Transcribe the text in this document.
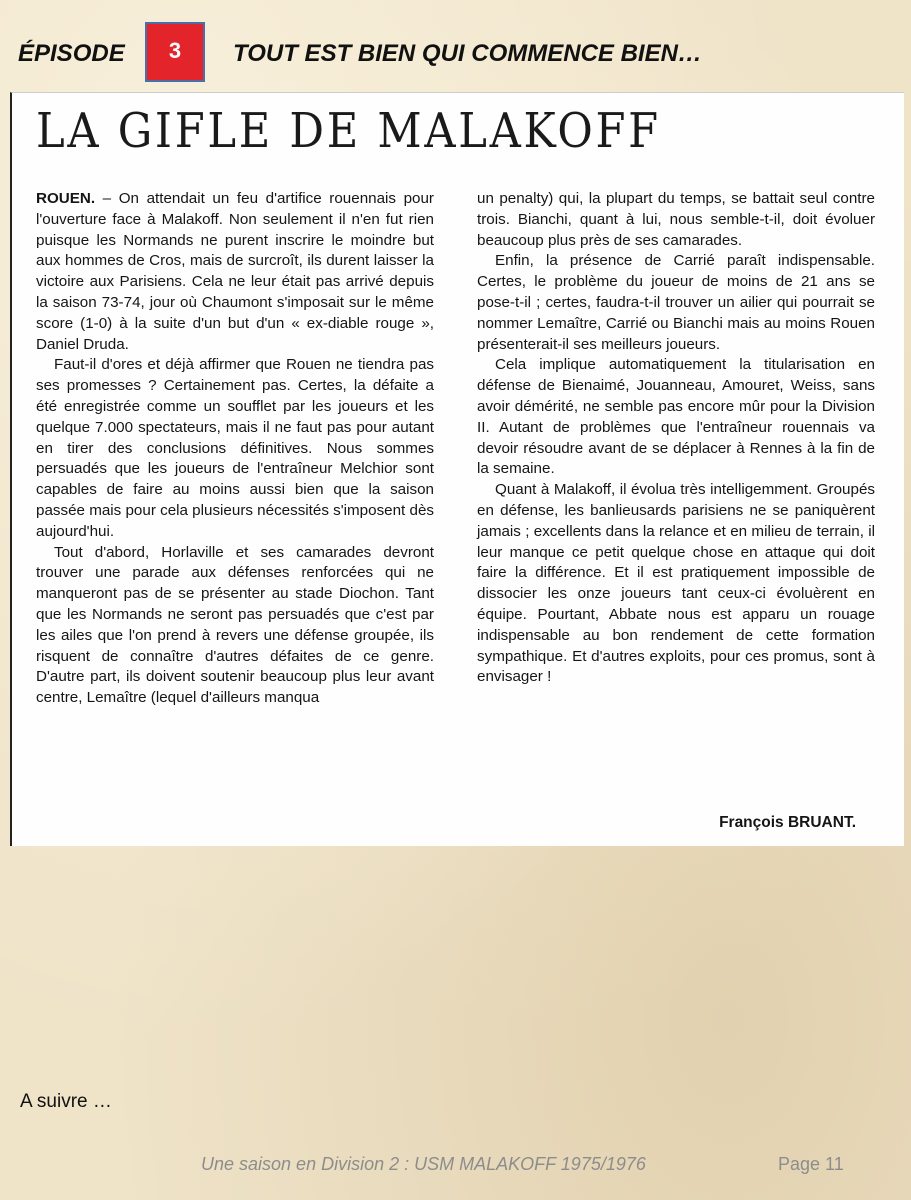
ÉPISODE	3	TOUT EST BIEN QUI COMMENCE BIEN…
LA GIFLE DE MALAKOFF

ROUEN. – On attendait un feu d'artifice rouennais pour l'ouverture face à Malakoff. Non seulement il n'en fut rien puisque les Normands ne purent inscrire le moindre but aux hommes de Cros, mais de surcroît, ils durent laisser la victoire aux Parisiens. Cela ne leur était pas arrivé depuis la saison 73-74, jour où Chaumont s'imposait sur le même score (1-0) à la suite d'un but d'un « ex-diable rouge », Daniel Druda.

Faut-il d'ores et déjà affirmer que Rouen ne tiendra pas ses promesses ? Certainement pas. Certes, la défaite a été enregistrée comme un soufflet par les joueurs et les quelque 7.000 spectateurs, mais il ne faut pas pour autant en tirer des conclusions définitives. Nous sommes persuadés que les joueurs de l'entraîneur Melchior sont capables de faire au moins aussi bien que la saison passée mais pour cela plusieurs nécessités s'imposent dès aujourd'hui.

Tout d'abord, Horlaville et ses camarades devront trouver une parade aux défenses renforcées qui ne manqueront pas de se présenter au stade Diochon. Tant que les Normands ne seront pas persuadés que c'est par les ailes que l'on prend à revers une défense groupée, ils risquent de connaître d'autres défaites de ce genre. D'autre part, ils doivent soutenir beaucoup plus leur avant centre, Lemaître (lequel d'ailleurs manqua

un penalty) qui, la plupart du temps, se battait seul contre trois. Bianchi, quant à lui, nous semble-t-il, doit évoluer beaucoup plus près de ses camarades.

Enfin, la présence de Carrié paraît indispensable. Certes, le problème du joueur de moins de 21 ans se pose-t-il ; certes, faudra-t-il trouver un ailier qui pourrait se nommer Lemaître, Carrié ou Bianchi mais au moins Rouen présenterait-il ses meilleurs joueurs.

Cela implique automatiquement la titularisation en défense de Bienaimé, Jouanneau, Amouret, Weiss, sans avoir démérité, ne semble pas encore mûr pour la Division II. Autant de problèmes que l'entraîneur rouennais va devoir résoudre avant de se déplacer à Rennes à la fin de la semaine.

Quant à Malakoff, il évolua très intelligemment. Groupés en défense, les banlieusards parisiens ne se paniquèrent jamais ; excellents dans la relance et en milieu de terrain, il leur manque ce petit quelque chose en attaque qui doit faire la différence. Et il est pratiquement impossible de dissocier les onze joueurs tant ceux-ci évoluèrent en équipe. Pourtant, Abbate nous est apparu un rouage indispensable au bon rendement de cette formation sympathique. Et d'autres exploits, pour ces promus, sont à envisager !

François BRUANT.
A suivre …
Une saison en Division 2 : USM MALAKOFF 1975/1976	Page 11
